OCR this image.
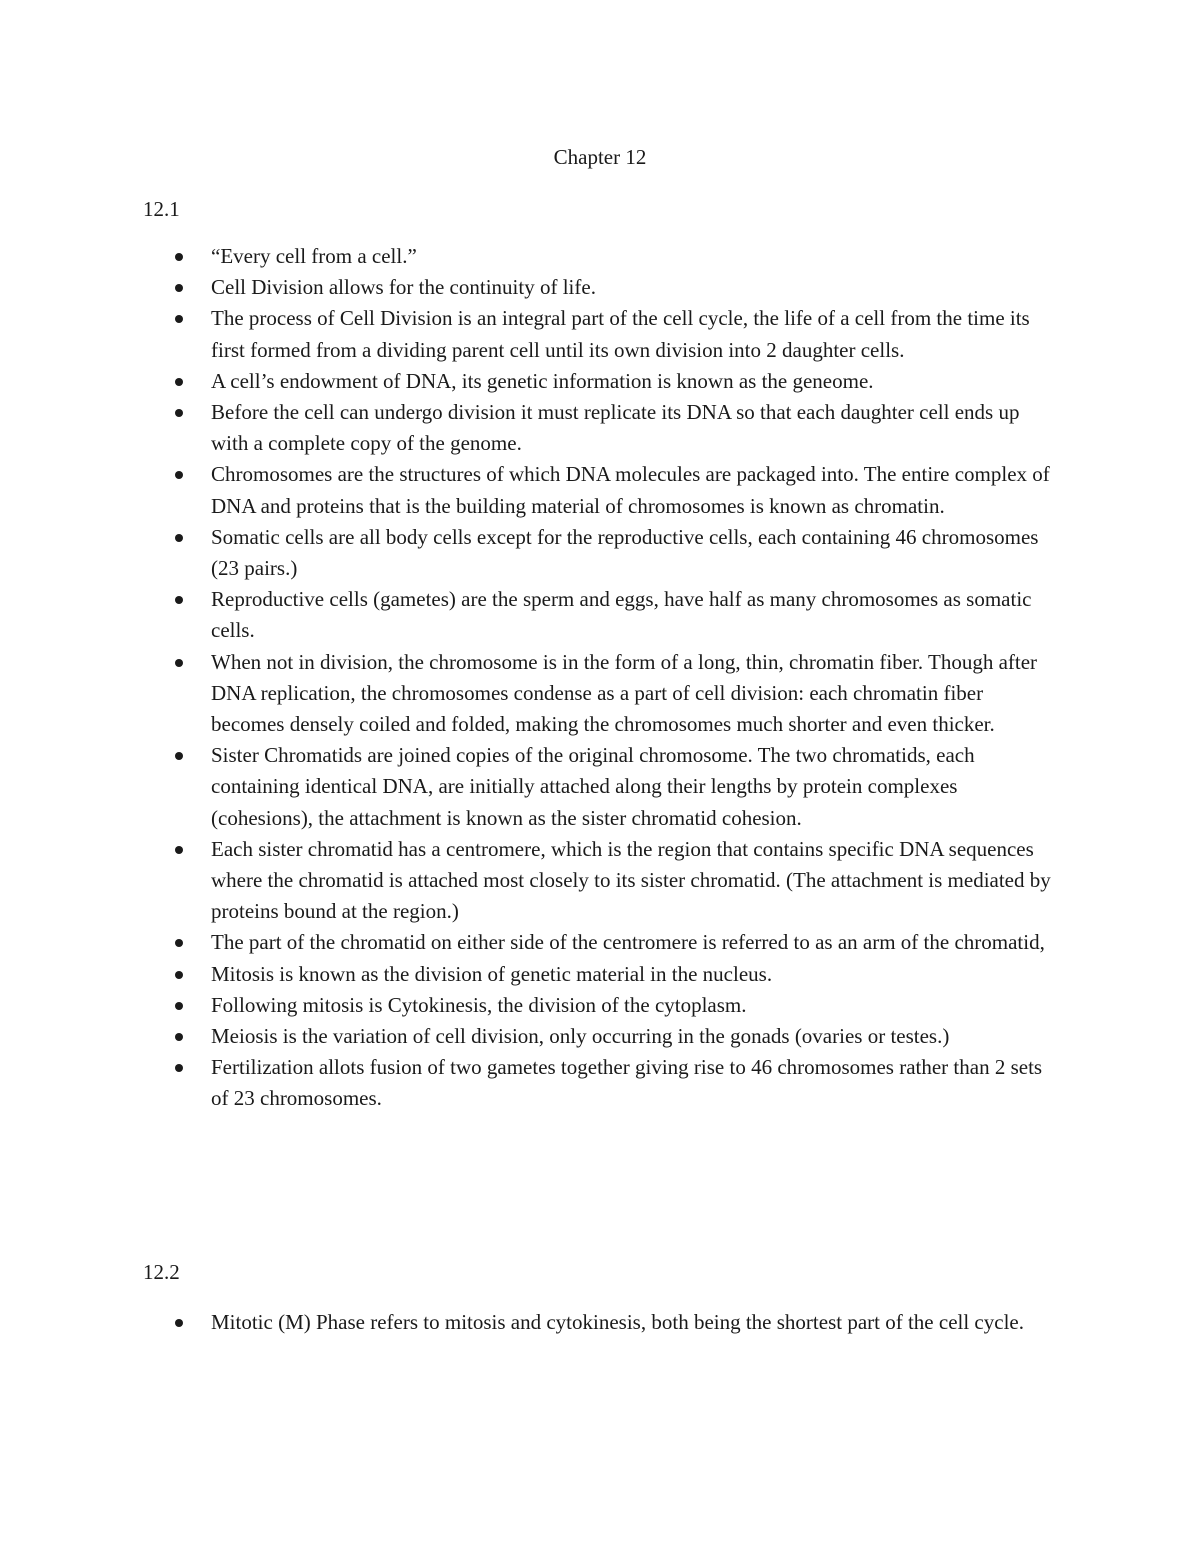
Chapter 12
12.1
“Every cell from a cell.”
Cell Division allows for the continuity of life.
The process of Cell Division is an integral part of the cell cycle, the life of a cell from the time its first formed from a dividing parent cell until its own division into 2 daughter cells.
A cell’s endowment of DNA, its genetic information is known as the geneome.
Before the cell can undergo division it must replicate its DNA so that each daughter cell ends up with a complete copy of the genome.
Chromosomes are the structures of which DNA molecules are packaged into. The entire complex of DNA and proteins that is the building material of chromosomes is known as chromatin.
Somatic cells are all body cells except for the reproductive cells, each containing 46 chromosomes (23 pairs.)
Reproductive cells (gametes) are the sperm and eggs, have half as many chromosomes as somatic cells.
When not in division, the chromosome is in the form of a long, thin, chromatin fiber. Though after DNA replication, the chromosomes condense as a part of cell division: each chromatin fiber becomes densely coiled and folded, making the chromosomes much shorter and even thicker.
Sister Chromatids are joined copies of the original chromosome. The two chromatids, each containing identical DNA, are initially attached along their lengths by protein complexes (cohesions), the attachment is known as the sister chromatid cohesion.
Each sister chromatid has a centromere, which is the region that contains specific DNA sequences where the chromatid is attached most closely to its sister chromatid. (The attachment is mediated by proteins bound at the region.)
The part of the chromatid on either side of the centromere is referred to as an arm of the chromatid,
Mitosis is known as the division of genetic material in the nucleus.
Following mitosis is Cytokinesis, the division of the cytoplasm.
Meiosis is the variation of cell division, only occurring in the gonads (ovaries or testes.)
Fertilization allots fusion of two gametes together giving rise to 46 chromosomes rather than 2 sets of 23 chromosomes.
12.2
Mitotic (M) Phase refers to mitosis and cytokinesis, both being the shortest part of the cell cycle.
